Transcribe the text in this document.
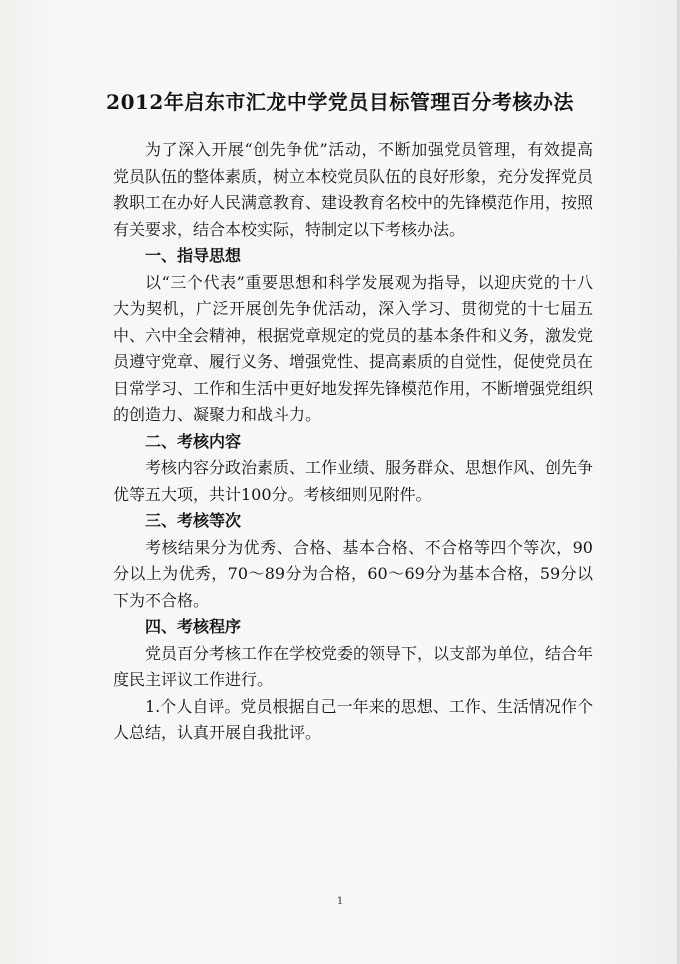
2012年启东市汇龙中学党员目标管理百分考核办法

为了深入开展“创先争优”活动，不断加强党员管理，有效提高党员队伍的整体素质，树立本校党员队伍的良好形象，充分发挥党员教职工在办好人民满意教育、建设教育名校中的先锋模范作用，按照有关要求，结合本校实际，特制定以下考核办法。

一、指导思想

以“三个代表”重要思想和科学发展观为指导，以迎庆党的十八大为契机，广泛开展创先争优活动，深入学习、贯彻党的十七届五中、六中全会精神，根据党章规定的党员的基本条件和义务，激发党员遵守党章、履行义务、增强党性、提高素质的自觉性，促使党员在日常学习、工作和生活中更好地发挥先锋模范作用，不断增强党组织的创造力、凝聚力和战斗力。

二、考核内容

考核内容分政治素质、工作业绩、服务群众、思想作风、创先争优等五大项，共计100分。考核细则见附件。

三、考核等次

考核结果分为优秀、合格、基本合格、不合格等四个等次，90分以上为优秀，70～89分为合格，60～69分为基本合格，59分以下为不合格。

四、考核程序

党员百分考核工作在学校党委的领导下，以支部为单位，结合年度民主评议工作进行。

1.个人自评。党员根据自己一年来的思想、工作、生活情况作个人总结，认真开展自我批评。

1
